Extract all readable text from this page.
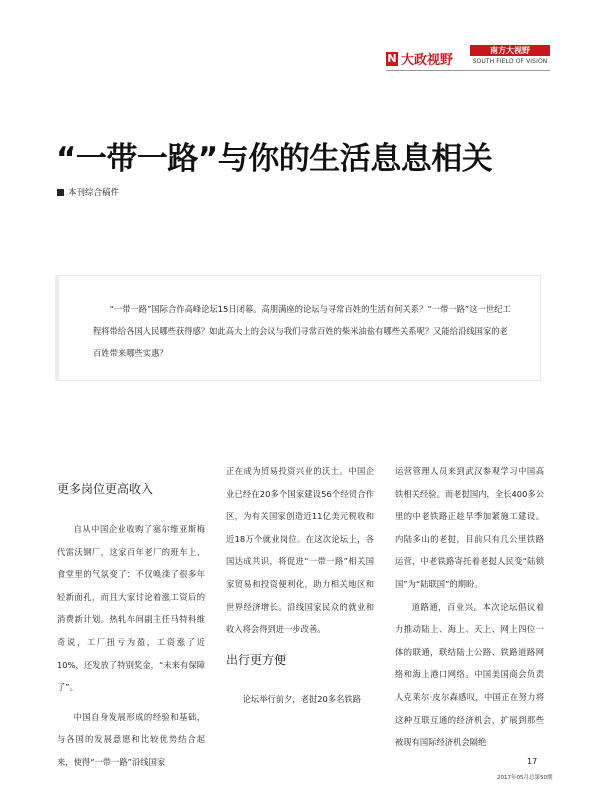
N 大政视野
南方大视野
SOUTH FIELD OF VISION
“一带一路”与你的生活息息相关
本刊综合稿件
“一带一路”国际合作高峰论坛15日闭幕。高朋满座的论坛与寻常百姓的生活有何关系？“一带一路”这一世纪工程将带给各国人民哪些获得感？如此高大上的会议与我们寻常百姓的柴米油盐有哪些关系呢？又能给沿线国家的老百姓带来哪些实惠？
更多岗位更高收入

自从中国企业收购了塞尔维亚斯梅代雷沃钢厂，这家百年老厂的班车上、食堂里的气氛变了：不仅唤滦了很多年轻新面孔，而且大家讨论着涨工资后的消费新计划。热轧车间副主任马特科维奇说，工厂扭亏为盈，工资涨了近10%，还发放了特别奖金，“未来有保障了”。

中国自身发展形成的经验和基础，与各国的发展意愿和比较优势结合起来，使得“一带一路”沿线国家

正在成为贸易投资兴业的沃土。中国企业已经在20多个国家建设56个经贸合作区，为有关国家创造近11亿美元税收和近18万个就业岗位。在这次论坛上，各国达成共识，将促进“一带一路”相关国家贸易和投资便利化，助力相关地区和世界经济增长。沿线国家民众的就业和收入将会得到进一步改善。

出行更方便

论坛举行前夕，老挝20多名铁路

运营管理人员来到武汉参观学习中国高铁相关经验。而老挝国内，全长400多公里的中老铁路正趁早季加紧施工建设。内陆多山的老挝，目前只有几公里铁路运营，中老铁路寄托着老挝人民变“陆锁国”为“陆联国”的期盼。

道路通，百业兴。本次论坛倡议着力推动陆上、海上、天上、网上四位一体的联通，联结陆上公路、铁路道路网络和海上港口网络。中国美国商会负责人克莱尔·皮尔森感叹，中国正在努力将这种互联互通的经济机会，扩展到那些被现有国际经济机会隔绝

17
2017年05月总第50期
